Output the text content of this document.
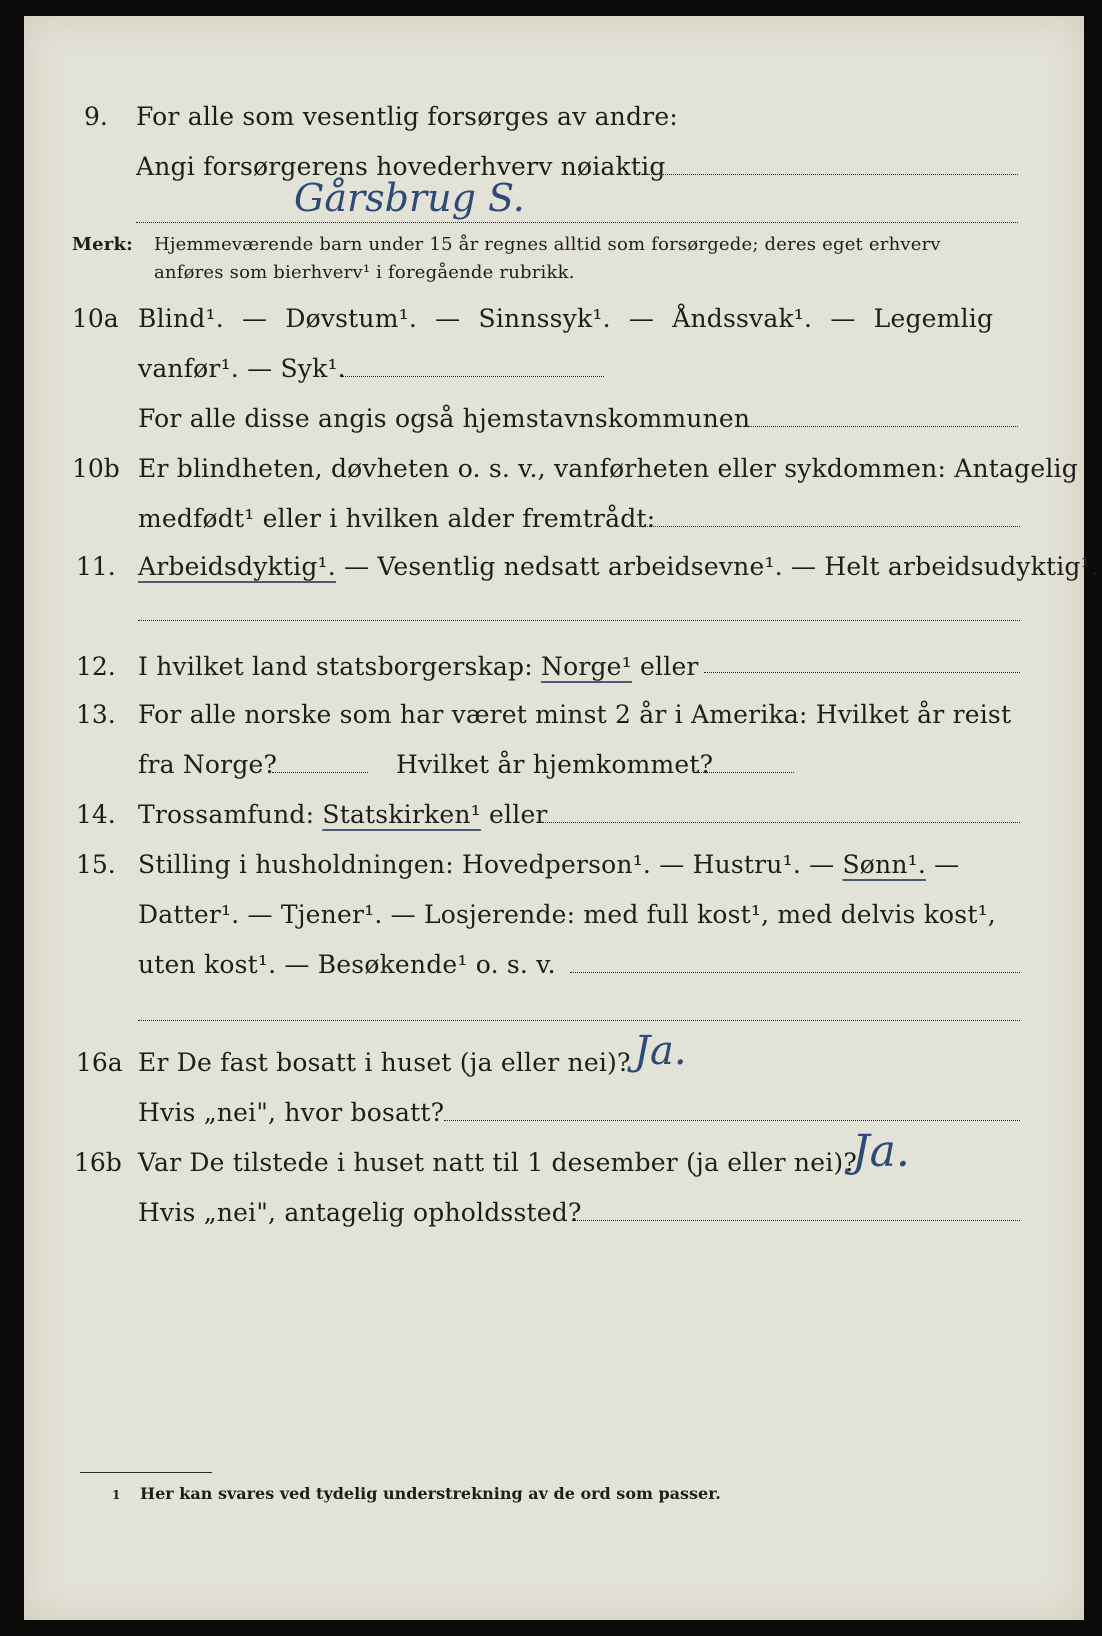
9. For alle som vesentlig forsørges av andre:
Angi forsørgerens hovederhverv nøiaktig
Gårsbrug S.
Merk: Hjemmeværende barn under 15 år regnes alltid som forsørgede; deres eget erhverv
anføres som bierhverv¹ i foregående rubrikk.
10a Blind¹. — Døvstum¹. — Sinnssyk¹. — Åndssvak¹. — Legemlig
vanfør¹. — Syk¹.
For alle disse angis også hjemstavnskommunen
10b Er blindheten, døvheten o. s. v., vanførheten eller sykdommen: Antagelig
medfødt¹ eller i hvilken alder fremtrådt:
11. Arbeidsdyktig¹. — Vesentlig nedsatt arbeidsevne¹. — Helt arbeidsudyktig¹.
12. I hvilket land statsborgerskap: Norge¹ eller
13. For alle norske som har været minst 2 år i Amerika: Hvilket år reist
fra Norge?	Hvilket år hjemkommet?
14. Trossamfund: Statskirken¹ eller
15. Stilling i husholdningen: Hovedperson¹. — Hustru¹. — Sønn¹. —
Datter¹. — Tjener¹. — Losjerende: med full kost¹, med delvis kost¹,
uten kost¹. — Besøkende¹ o. s. v.
16a Er De fast bosatt i huset (ja eller nei)? Ja.
Hvis „nei", hvor bosatt?
16b Var De tilstede i huset natt til 1 desember (ja eller nei)?
Ja.
Hvis „nei", antagelig opholdssted?
1 Her kan svares ved tydelig understrekning av de ord som passer.
